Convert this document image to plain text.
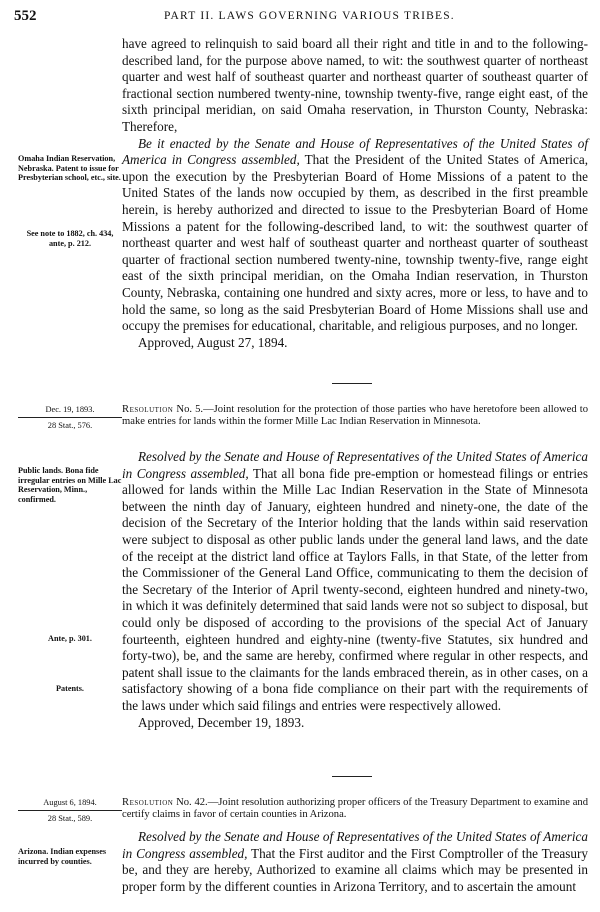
552	PART II. LAWS GOVERNING VARIOUS TRIBES.

have agreed to relinquish to said board all their right and title in and to the following-described land, for the purpose above named, to wit: the southwest quarter of northeast quarter and west half of southeast quarter and northeast quarter of southeast quarter of fractional section numbered twenty-nine, township twenty-five, range eight east, of the sixth principal meridian, on said Omaha reservation, in Thurston County, Nebraska: Therefore,

Be it enacted by the Senate and House of Representatives of the United States of America in Congress assembled, That the President of the United States of America, upon the execution by the Presbyterian Board of Home Missions of a patent to the United States of the lands now occupied by them, as described in the first preamble herein, is hereby authorized and directed to issue to the Presbyterian Board of Home Missions a patent for the following-described land, to wit: the southwest quarter of northeast quarter and west half of southeast quarter and northeast quarter of southeast quarter of fractional section numbered twenty-nine, township twenty-five, range eight east of the sixth principal meridian, on the Omaha Indian reservation, in Thurston County, Nebraska, containing one hundred and sixty acres, more or less, to have and to hold the same, so long as the said Presbyterian Board of Home Missions shall use and occupy the premises for educational, charitable, and religious purposes, and no longer.

Approved, August 27, 1894.

Omaha Indian Reservation, Nebraska. Patent to issue for Presbyterian school, etc., site.
See note to 1882, ch. 434, ante, p. 212.
Dec. 19, 1893.
28 Stat., 576.
Resolution No. 5.—Joint resolution for the protection of those parties who have heretofore been allowed to make entries for lands within the former Mille Lac Indian Reservation in Minnesota.

Resolved by the Senate and House of Representatives of the United States of America in Congress assembled, That all bona fide pre-emption or homestead filings or entries allowed for lands within the Mille Lac Indian Reservation in the State of Minnesota between the ninth day of January, eighteen hundred and ninety-one, the date of the decision of the Secretary of the Interior holding that the lands within said reservation were subject to disposal as other public lands under the general land laws, and the date of the receipt at the district land office at Taylors Falls, in that State, of the letter from the Commissioner of the General Land Office, communicating to them the decision of the Secretary of the Interior of April twenty-second, eighteen hundred and ninety-two, in which it was definitely determined that said lands were not so subject to disposal, but could only be disposed of according to the provisions of the special Act of January fourteenth, eighteen hundred and eighty-nine (twenty-five Statutes, six hundred and forty-two), be, and the same are hereby, confirmed where regular in other respects, and patent shall issue to the claimants for the lands embraced therein, as in other cases, on a satisfactory showing of a bona fide compliance on their part with the requirements of the laws under which said filings and entries were respectively allowed.

Approved, December 19, 1893.

Public lands. Bona fide irregular entries on Mille Lac Reservation, Minn., confirmed.
Ante, p. 301.
Patents.
August 6, 1894.
28 Stat., 589.
Resolution No. 42.—Joint resolution authorizing proper officers of the Treasury Department to examine and certify claims in favor of certain counties in Arizona.

Resolved by the Senate and House of Representatives of the United States of America in Congress assembled, That the First auditor and the First Comptroller of the Treasury be, and they are hereby, Authorized to examine all claims which may be presented in proper form by the different counties in Arizona Territory, and to ascertain the amount

Arizona. Indian expenses incurred by counties.
